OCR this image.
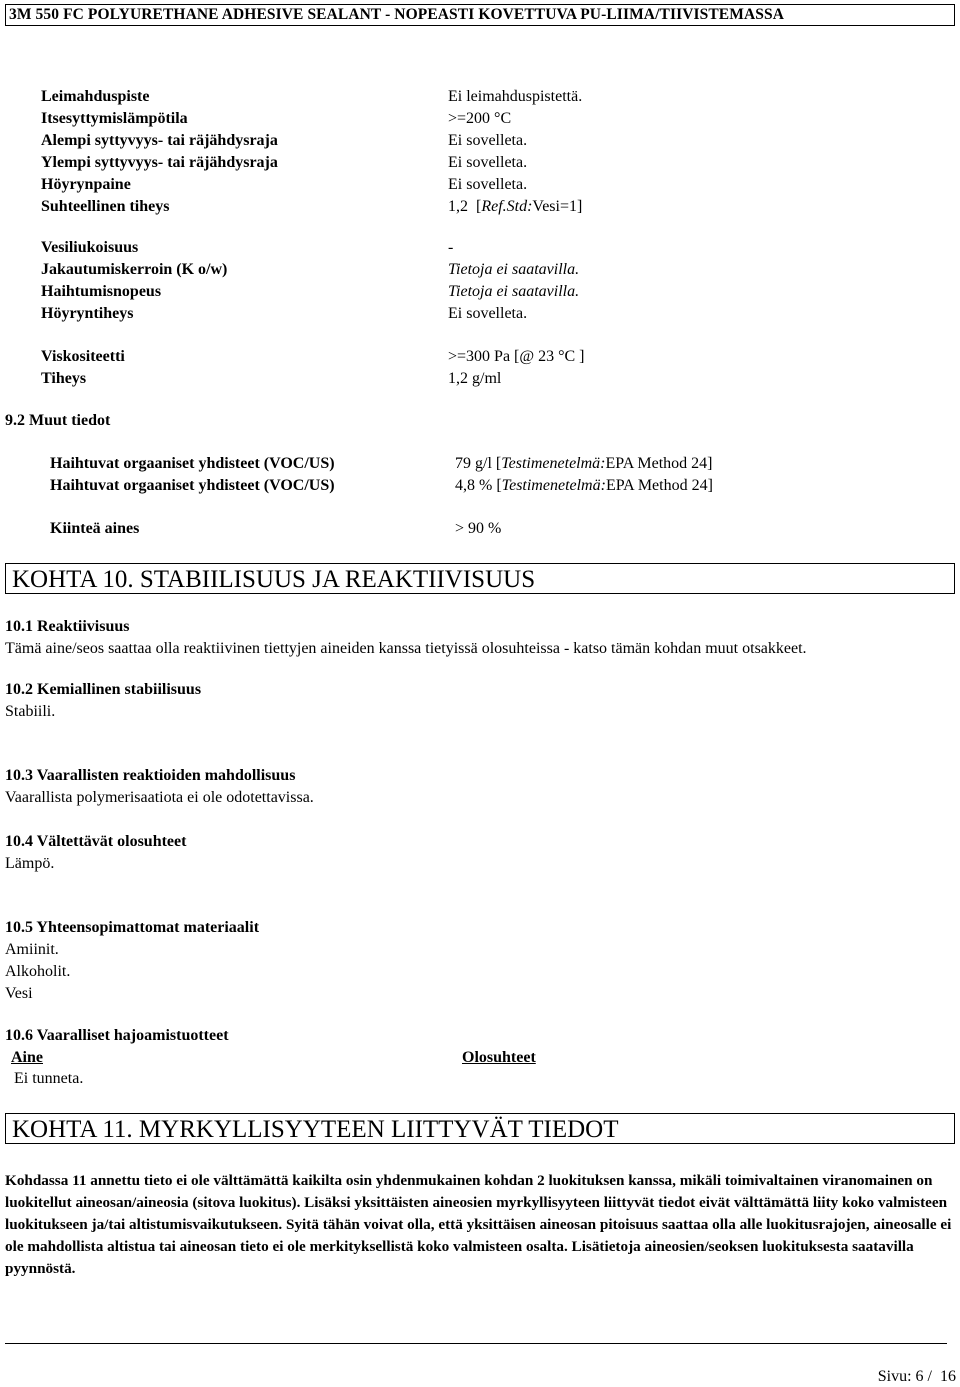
3M 550 FC POLYURETHANE ADHESIVE SEALANT - NOPEASTI KOVETTUVA PU-LIIMA/TIIVISTEMASSA
Leimahduspiste	Ei leimahduspistettä.
Itsesyttymislämpötila	>=200 °C
Alempi syttyvyys- tai räjähdysraja	Ei sovelleta.
Ylempi syttyvyys- tai räjähdysraja	Ei sovelleta.
Höyrynpaine	Ei sovelleta.
Suhteellinen tiheys	1,2  [Ref.Std:Vesi=1]
Vesiliukoisuus	-
Jakautumiskerroin (K o/w)	Tietoja ei saatavilla.
Haihtumisnopeus	Tietoja ei saatavilla.
Höyryntiheys	Ei sovelleta.
Viskositeetti	>=300 Pa [@ 23 °C ]
Tiheys	1,2 g/ml
9.2 Muut tiedot
Haihtuvat orgaaniset yhdisteet (VOC/US)	79 g/l [Testimenetelmä:EPA Method 24]
Haihtuvat orgaaniset yhdisteet (VOC/US)	4,8 % [Testimenetelmä:EPA Method 24]
Kiinteä aines	> 90 %
KOHTA 10. STABIILISUUS JA REAKTIIVISUUS
10.1 Reaktiivisuus
Tämä aine/seos saattaa olla reaktiivinen tiettyjen aineiden kanssa tietyissä olosuhteissa - katso tämän kohdan muut otsakkeet.
10.2 Kemiallinen stabiilisuus
Stabiili.
10.3 Vaarallisten reaktioiden mahdollisuus
Vaarallista polymerisaatiota ei ole odotettavissa.
10.4 Vältettävät olosuhteet
Lämpö.
10.5 Yhteensopimattomat materiaalit
Amiinit.
Alkoholit.
Vesi
10.6 Vaaralliset hajoamistuotteet
Aine	Olosuhteet
Ei tunneta.
KOHTA 11. MYRKYLLISYYTEEN LIITTYVÄT TIEDOT
Kohdassa 11 annettu tieto ei ole välttämättä kaikilta osin yhdenmukainen kohdan 2 luokituksen kanssa, mikäli toimivaltainen viranomainen on luokitellut aineosan/aineosia (sitova luokitus). Lisäksi yksittäisten aineosien myrkyllisyyteen liittyvät tiedot eivät välttämättä liity koko valmisteen luokitukseen ja/tai altistumisvaikutukseen. Syitä tähän voivat olla, että yksittäisen aineosan pitoisuus saattaa olla alle luokitusrajojen, aineosalle ei ole mahdollista altistua tai aineosan tieto ei ole merkityksellistä koko valmisteen osalta. Lisätietoja aineosien/seoksen luokituksesta saatavilla pyynnöstä.
Sivu: 6 /  16
